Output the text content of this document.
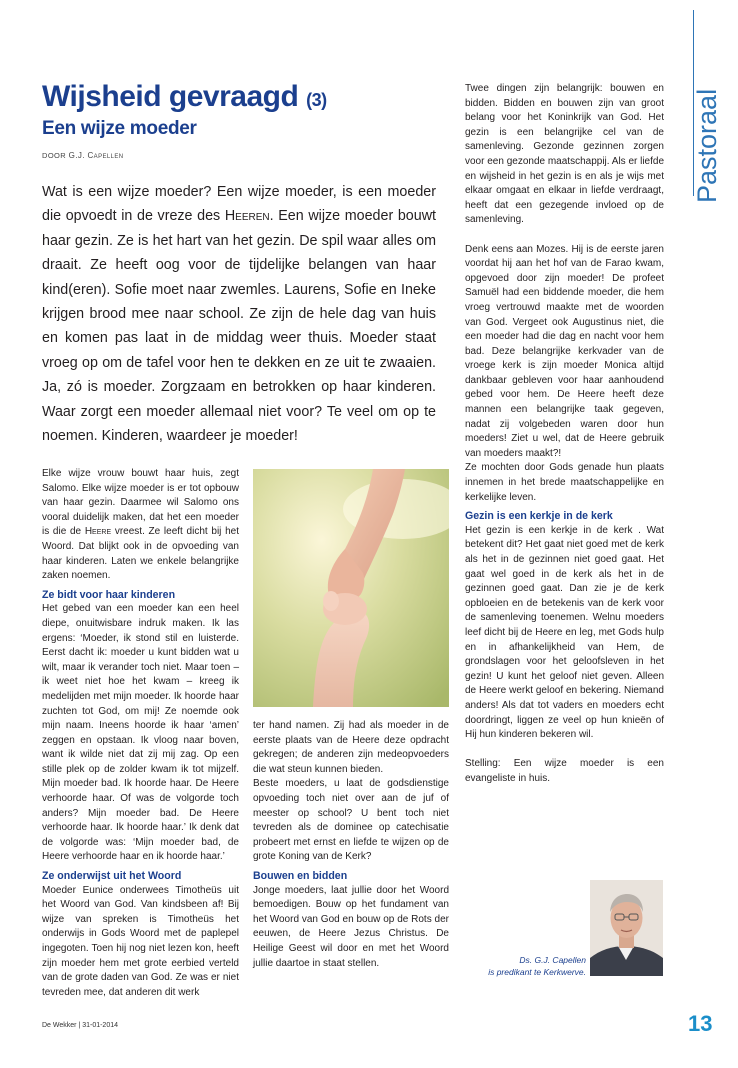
Pastoraal
Wijsheid gevraagd (3)
Een wijze moeder
DOOR G.J. Capellen
Wat is een wijze moeder? Een wijze moeder, is een moeder die opvoedt in de vreze des Heeren. Een wijze moeder bouwt haar gezin. Ze is het hart van het gezin. De spil waar alles om draait. Ze heeft oog voor de tijdelijke belangen van haar kind(eren). Sofie moet naar zwemles. Laurens, Sofie en Ineke krijgen brood mee naar school. Ze zijn de hele dag van huis en komen pas laat in de middag weer thuis. Moeder staat vroeg op om de tafel voor hen te dekken en ze uit te zwaaien. Ja, zó is moeder. Zorgzaam en betrokken op haar kinderen. Waar zorgt een moeder allemaal niet voor? Te veel om op te noemen. Kinderen, waardeer je moeder!

Elke wijze vrouw bouwt haar huis, zegt Salomo. Elke wijze moeder is er tot opbouw van haar gezin. Daarmee wil Salomo ons vooral duidelijk maken, dat het een moeder is die de Heere vreest. Ze leeft dicht bij het Woord. Dat blijkt ook in de opvoeding van haar kinderen. Laten we enkele belangrijke zaken noemen.

Ze bidt voor haar kinderen

Het gebed van een moeder kan een heel diepe, onuitwisbare indruk maken. Ik las ergens: ‘Moeder, ik stond stil en luisterde. Eerst dacht ik: moeder u kunt bidden wat u wilt, maar ik verander toch niet. Maar toen – ik weet niet hoe het kwam – kreeg ik medelijden met mijn moeder. Ik hoorde haar zuchten tot God, om mij! Ze noemde ook mijn naam. Ineens hoorde ik haar ‘amen’ zeggen en opstaan. Ik vloog naar boven, want ik wilde niet dat zij mij zag. Op een stille plek op de zolder kwam ik tot mijzelf. Mijn moeder bad. Ik hoorde haar. De Heere verhoorde haar. Of was de volgorde toch anders? Mijn moeder bad. De Heere verhoorde haar. Ik hoorde haar.’ Ik denk dat de volgorde was: ‘Mijn moeder bad, de Heere verhoorde haar en ik hoorde haar.’

Ze onderwijst uit het Woord

Moeder Eunice onderwees Timotheüs uit het Woord van God. Van kindsbeen af! Bij wijze van spreken is Timotheüs het onderwijs in Gods Woord met de paplepel ingegoten. Toen hij nog niet lezen kon, heeft zijn moeder hem met grote eerbied verteld van de grote daden van God. Ze was er niet tevreden mee, dat anderen dit werk

ter hand namen. Zij had als moeder in de eerste plaats van de Heere deze opdracht gekregen; de anderen zijn medeopvoeders die wat steun kunnen bieden.

Beste moeders, u laat de godsdienstige opvoeding toch niet over aan de juf of meester op school? U bent toch niet tevreden als de dominee op catechisatie probeert met ernst en liefde te wijzen op de grote Koning van de Kerk?

Bouwen en bidden

Jonge moeders, laat jullie door het Woord bemoedigen. Bouw op het fundament van het Woord van God en bouw op de Rots der eeuwen, de Heere Jezus Christus. De Heilige Geest wil door en met het Woord jullie daartoe in staat stellen.

Twee dingen zijn belangrijk: bouwen en bidden. Bidden en bouwen zijn van groot belang voor het Koninkrijk van God. Het gezin is een belangrijke cel van de samenleving. Gezonde gezinnen zorgen voor een gezonde maatschappij. Als er liefde en wijsheid in het gezin is en als je wijs met elkaar omgaat en elkaar in liefde verdraagt, heeft dat een gezegende invloed op de samenleving.

Denk eens aan Mozes. Hij is de eerste jaren voordat hij aan het hof van de Farao kwam, opgevoed door zijn moeder! De profeet Samuël had een biddende moeder, die hem vroeg vertrouwd maakte met de woorden van God. Vergeet ook Augustinus niet, die een moeder had die dag en nacht voor hem bad. Deze belangrijke kerkvader van de vroege kerk is zijn moeder Monica altijd dankbaar gebleven voor haar aanhoudend gebed voor hem. De Heere heeft deze mannen een belangrijke taak gegeven, nadat zij volgebeden waren door hun moeders! Ziet u wel, dat de Heere gebruik van moeders maakt?!

Ze mochten door Gods genade hun plaats innemen in het brede maatschappelijke en kerkelijke leven.

Gezin is een kerkje in de kerk

Het gezin is een kerkje in de kerk . Wat betekent dit? Het gaat niet goed met de kerk als het in de gezinnen niet goed gaat. Het gaat wel goed in de kerk als het in de gezinnen goed gaat. Dan zie je de kerk opbloeien en de betekenis van de kerk voor de samenleving toenemen. Welnu moeders leef dicht bij de Heere en leg, met Gods hulp en in afhankelijkheid van Hem, de grondslagen voor het geloofsleven in het gezin! U kunt het geloof niet geven. Alleen de Heere werkt geloof en bekering. Niemand anders! Als dat tot vaders en moeders echt doordringt, liggen ze veel op hun knieën of Hij hun kinderen bekeren wil.

Stelling: Een wijze moeder is een evangeliste in huis.

Ds. G.J. Capellen
is predikant te Kerkwerve.
De Wekker | 31-01-2014	13
